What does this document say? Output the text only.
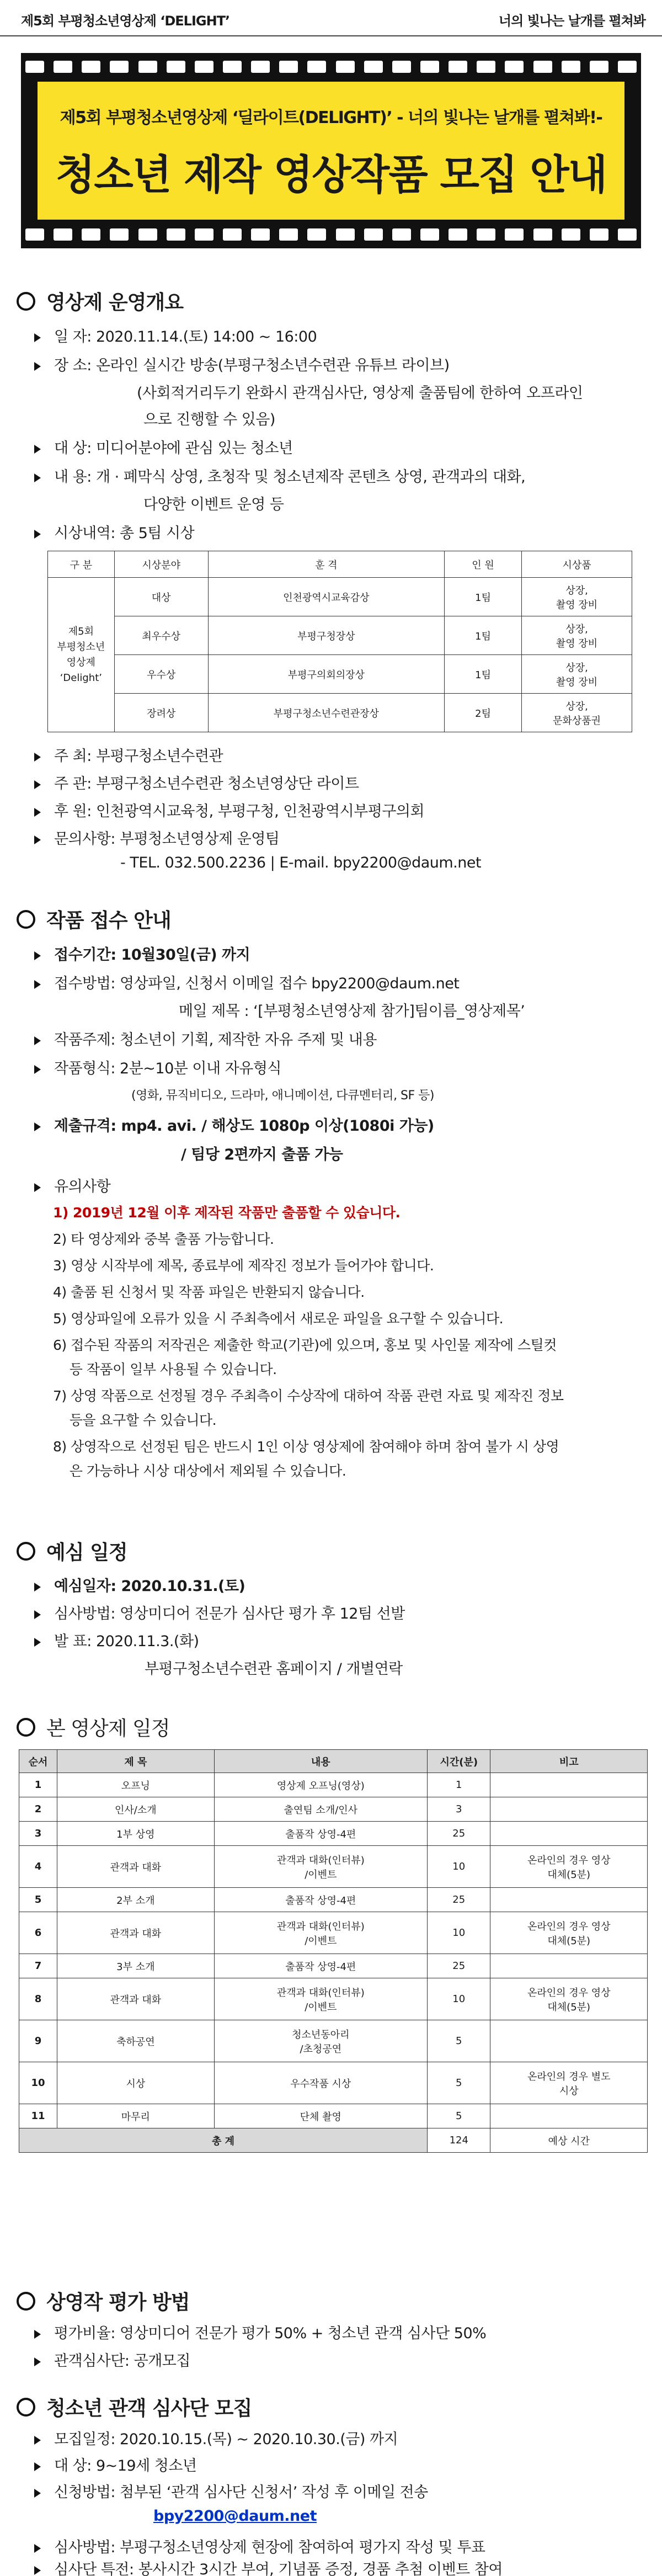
제5회 부평청소년영상제 ‘DELIGHT’	너의 빛나는 날개를 펼쳐봐
제5회 부평청소년영상제 ‘딜라이트(DELIGHT)’ - 너의 빛나는 날개를 펼쳐봐!-
청소년 제작 영상작품 모집 안내
영상제 운영개요
일 자: 2020.11.14.(토) 14:00 ~ 16:00
장 소: 온라인 실시간 방송(부평구청소년수련관 유튜브 라이브)
(사회적거리두기 완화시 관객심사단, 영상제 출품팀에 한하여 오프라인
으로 진행할 수 있음)
대 상: 미디어분야에 관심 있는 청소년
내 용: 개 · 폐막식 상영, 초청작 및 청소년제작 콘텐츠 상영, 관객과의 대화,
다양한 이벤트 운영 등
시상내역: 총 5팀 시상
구 분	시상분야	훈 격	인 원	시상품
제5회
부평청소년
영상제
‘Delight’	대상	인천광역시교육감상	1팀	상장,
촬영 장비
	최우수상	부평구청장상	1팀	상장,
촬영 장비
	우수상	부평구의회의장상	1팀	상장,
촬영 장비
	장려상	부평구청소년수련관장상	2팀	상장,
문화상품권
주 최: 부평구청소년수련관
주 관: 부평구청소년수련관 청소년영상단 라이트
후 원: 인천광역시교육청, 부평구청, 인천광역시부평구의회
문의사항: 부평청소년영상제 운영팀
- TEL. 032.500.2236 | E-mail. bpy2200@daum.net
작품 접수 안내
접수기간: 10월30일(금) 까지
접수방법: 영상파일, 신청서 이메일 접수 bpy2200@daum.net
메일 제목 : ‘[부평청소년영상제 참가]팀이름_영상제목’
작품주제: 청소년이 기획, 제작한 자유 주제 및 내용
작품형식: 2분~10분 이내 자유형식
(영화, 뮤직비디오, 드라마, 애니메이션, 다큐멘터리, SF 등)
제출규격: mp4. avi. / 해상도 1080p 이상(1080i 가능)
/ 팀당 2편까지 출품 가능
유의사항
1) 2019년 12월 이후 제작된 작품만 출품할 수 있습니다.
2) 타 영상제와 중복 출품 가능합니다.
3) 영상 시작부에 제목, 종료부에 제작진 정보가 들어가야 합니다.
4) 출품 된 신청서 및 작품 파일은 반환되지 않습니다.
5) 영상파일에 오류가 있을 시 주최측에서 새로운 파일을 요구할 수 있습니다.
6) 접수된 작품의 저작권은 제출한 학교(기관)에 있으며, 홍보 및 사인물 제작에 스틸컷
등 작품이 일부 사용될 수 있습니다.
7) 상영 작품으로 선정될 경우 주최측이 수상작에 대하여 작품 관련 자료 및 제작진 정보
등을 요구할 수 있습니다.
8) 상영작으로 선정된 팀은 반드시 1인 이상 영상제에 참여해야 하며 참여 불가 시 상영
은 가능하나 시상 대상에서 제외될 수 있습니다.
예심 일정
예심일자: 2020.10.31.(토)
심사방법: 영상미디어 전문가 심사단 평가 후 12팀 선발
발 표: 2020.11.3.(화)
부평구청소년수련관 홈페이지 / 개별연락
본 영상제 일정
순서	제 목	내용	시간(분)	비고
1	오프닝	영상제 오프닝(영상)	1	
2	인사/소개	출연팀 소개/인사	3	
3	1부 상영	출품작 상영-4편	25	
4	관객과 대화	관객과 대화(인터뷰)
/이벤트	10	온라인의 경우 영상
대체(5분)
5	2부 소개	출품작 상영-4편	25	
6	관객과 대화	관객과 대화(인터뷰)
/이벤트	10	온라인의 경우 영상
대체(5분)
7	3부 소개	출품작 상영-4편	25	
8	관객과 대화	관객과 대화(인터뷰)
/이벤트	10	온라인의 경우 영상
대체(5분)
9	축하공연	청소년동아리
/초청공연	5	
10	시상	우수작품 시상	5	온라인의 경우 별도
시상
11	마무리	단체 촬영	5	
총 계			124	예상 시간
상영작 평가 방법
평가비율: 영상미디어 전문가 평가 50% + 청소년 관객 심사단 50%
관객심사단: 공개모집
청소년 관객 심사단 모집
모집일정: 2020.10.15.(목) ~ 2020.10.30.(금) 까지
대 상: 9~19세 청소년
신청방법: 첨부된 ‘관객 심사단 신청서’ 작성 후 이메일 전송
bpy2200@daum.net
심사방법: 부평구청소년영상제 현장에 참여하여 평가지 작성 및 투표
심사단 특전: 봉사시간 3시간 부여, 기념품 증정, 경품 추첨 이벤트 참여
